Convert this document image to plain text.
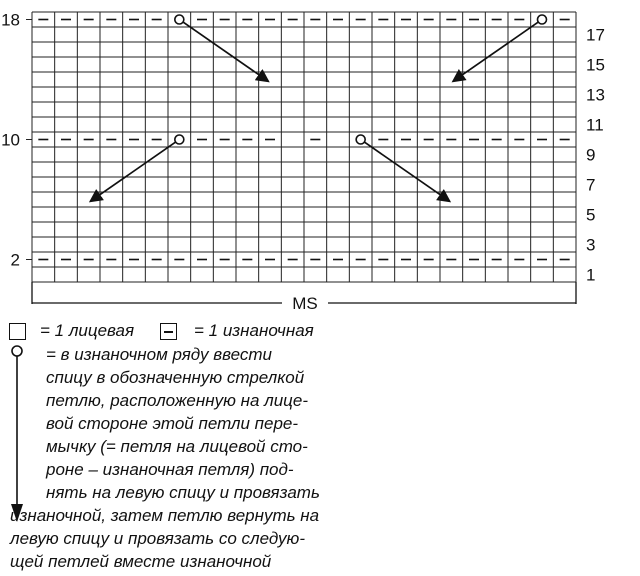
18
10
2
17
15
13
11
9
7
5
3
1
MS
= 1 лицевая	= 1 изнаночная
= в изнаночном ряду ввести
спицу в обозначенную стрелкой
петлю, расположенную на лице-
вой стороне этой петли пере-
мычку (= петля на лицевой сто-
роне – изнаночная петля) под-
нять на левую спицу и провязать
изнаночной, затем петлю вернуть на
левую спицу и провязать со следую-
щей петлей вместе изнаночной
